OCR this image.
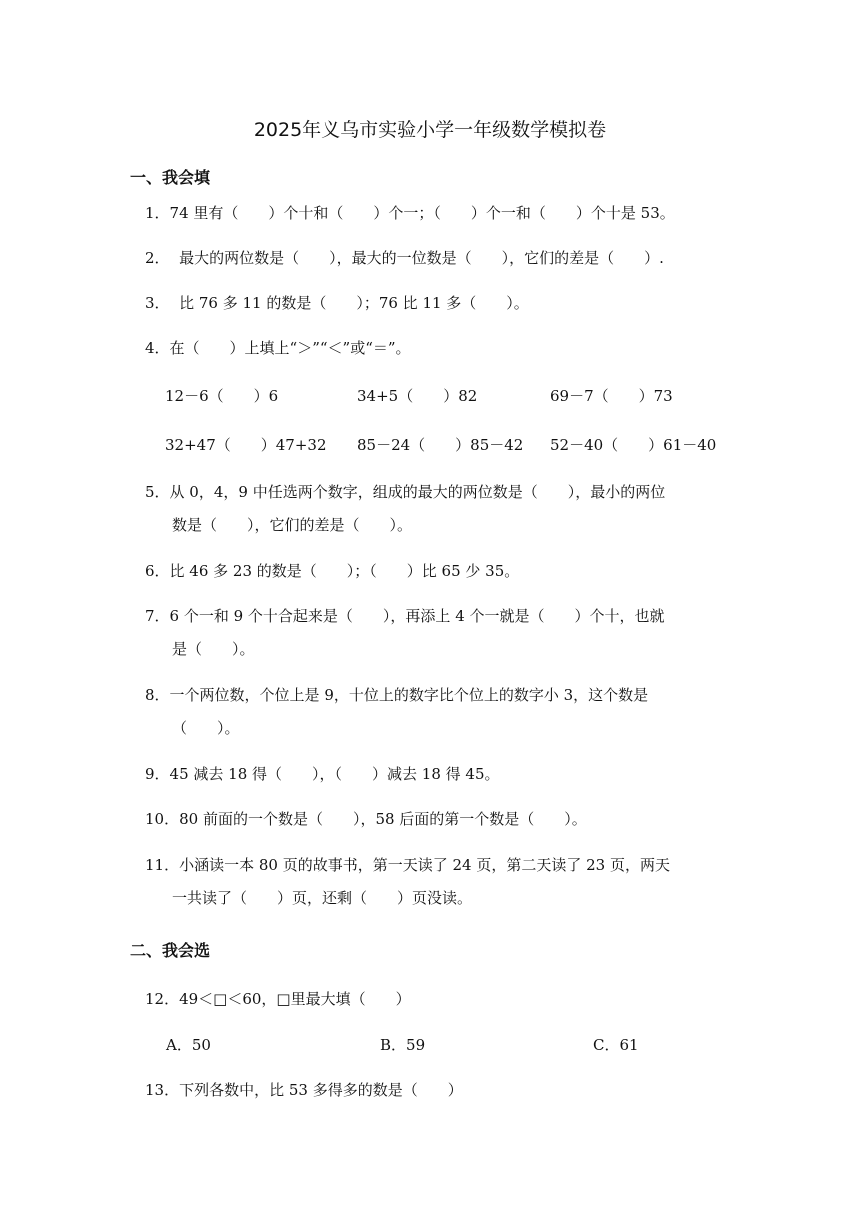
2025年义乌市实验小学一年级数学模拟卷
一、我会填
1．74 里有（　　）个十和（　　）个一；（　　）个一和（　　）个十是 53。
2．  最大的两位数是（　　），最大的一位数是（　　），它们的差是（　　）.
3．  比 76 多 11 的数是（　　）；76 比 11 多（　　）。
4．在（　　）上填上“＞”“＜”或“＝”。
12－6（　　）6	34+5（　　）82	69－7（　　）73
32+47（　　）47+32 85－24（　　）85－42 52－40（　　）61－40
5．从 0，4，9 中任选两个数字，组成的最大的两位数是（　　），最小的两位
数是（　　），它们的差是（　　）。
6．比 46 多 23 的数是（　　）；（　　）比 65 少 35。
7．6 个一和 9 个十合起来是（　　），再添上 4 个一就是（　　）个十，也就
是（　　）。
8．一个两位数，个位上是 9，十位上的数字比个位上的数字小 3，这个数是
（　　）。
9．45 减去 18 得（　　），（　　）减去 18 得 45。
10．80 前面的一个数是（　　），58 后面的第一个数是（　　）。
11．小涵读一本 80 页的故事书，第一天读了 24 页，第二天读了 23 页，两天
一共读了（　　）页，还剩（　　）页没读。
二、我会选
12．49＜□＜60，□里最大填（　　）
A．50	B．59	C．61
13．下列各数中，比 53 多得多的数是（　　）
